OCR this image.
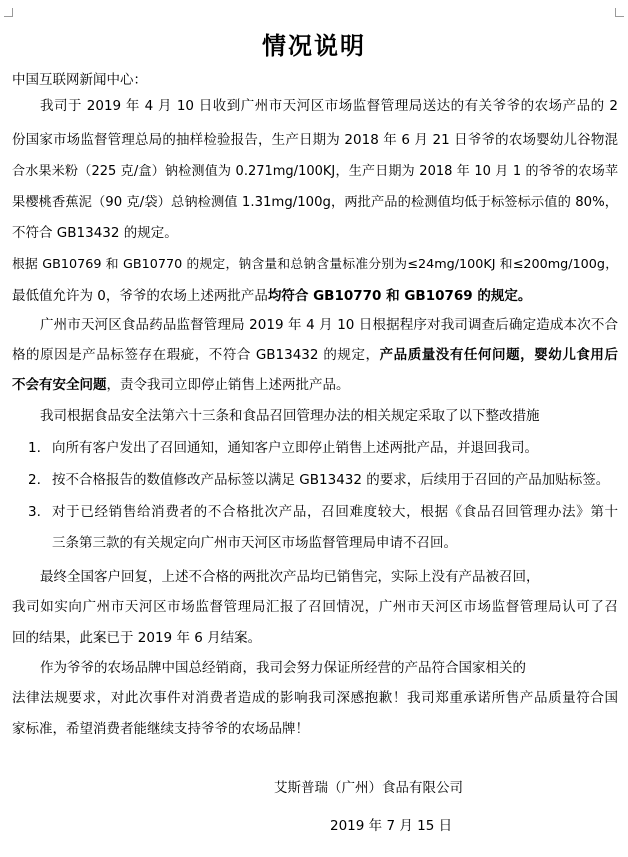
情况说明
中国互联网新闻中心：
我司于 2019 年 4 月 10 日收到广州市天河区市场监督管理局送达的有关爷爷的农场产品的 2
份国家市场监督管理总局的抽样检验报告，生产日期为 2018 年 6 月 21 日爷爷的农场婴幼儿谷物混
合水果米粉（225 克/盒）钠检测值为 0.271mg/100KJ，生产日期为 2018 年 10 月 1 的爷爷的农场苹
果樱桃香蕉泥（90 克/袋）总钠检测值 1.31mg/100g，两批产品的检测值均低于标签标示值的 80%，
不符合 GB13432 的规定。
根据 GB10769 和 GB10770 的规定，钠含量和总钠含量标准分别为≤24mg/100KJ 和≤200mg/100g，
最低值允许为 0，爷爷的农场上述两批产品均符合 GB10770 和 GB10769 的规定。
广州市天河区食品药品监督管理局 2019 年 4 月 10 日根据程序对我司调查后确定造成本次不合
格的原因是产品标签存在瑕疵，不符合 GB13432 的规定，产品质量没有任何问题，婴幼儿食用后
不会有安全问题，责令我司立即停止销售上述两批产品。
我司根据食品安全法第六十三条和食品召回管理办法的相关规定采取了以下整改措施
1. 向所有客户发出了召回通知，通知客户立即停止销售上述两批产品，并退回我司。
2. 按不合格报告的数值修改产品标签以满足 GB13432 的要求，后续用于召回的产品加贴标签。
3. 对于已经销售给消费者的不合格批次产品，召回难度较大，根据《食品召回管理办法》第十
三条第三款的有关规定向广州市天河区市场监督管理局申请不召回。
最终全国客户回复，上述不合格的两批次产品均已销售完，实际上没有产品被召回，
我司如实向广州市天河区市场监督管理局汇报了召回情况，广州市天河区市场监督管理局认可了召
回的结果，此案已于 2019 年 6 月结案。
作为爷爷的农场品牌中国总经销商，我司会努力保证所经营的产品符合国家相关的
法律法规要求，对此次事件对消费者造成的影响我司深感抱歉！我司郑重承诺所售产品质量符合国
家标准，希望消费者能继续支持爷爷的农场品牌！
艾斯普瑞（广州）食品有限公司
2019 年 7 月 15 日
